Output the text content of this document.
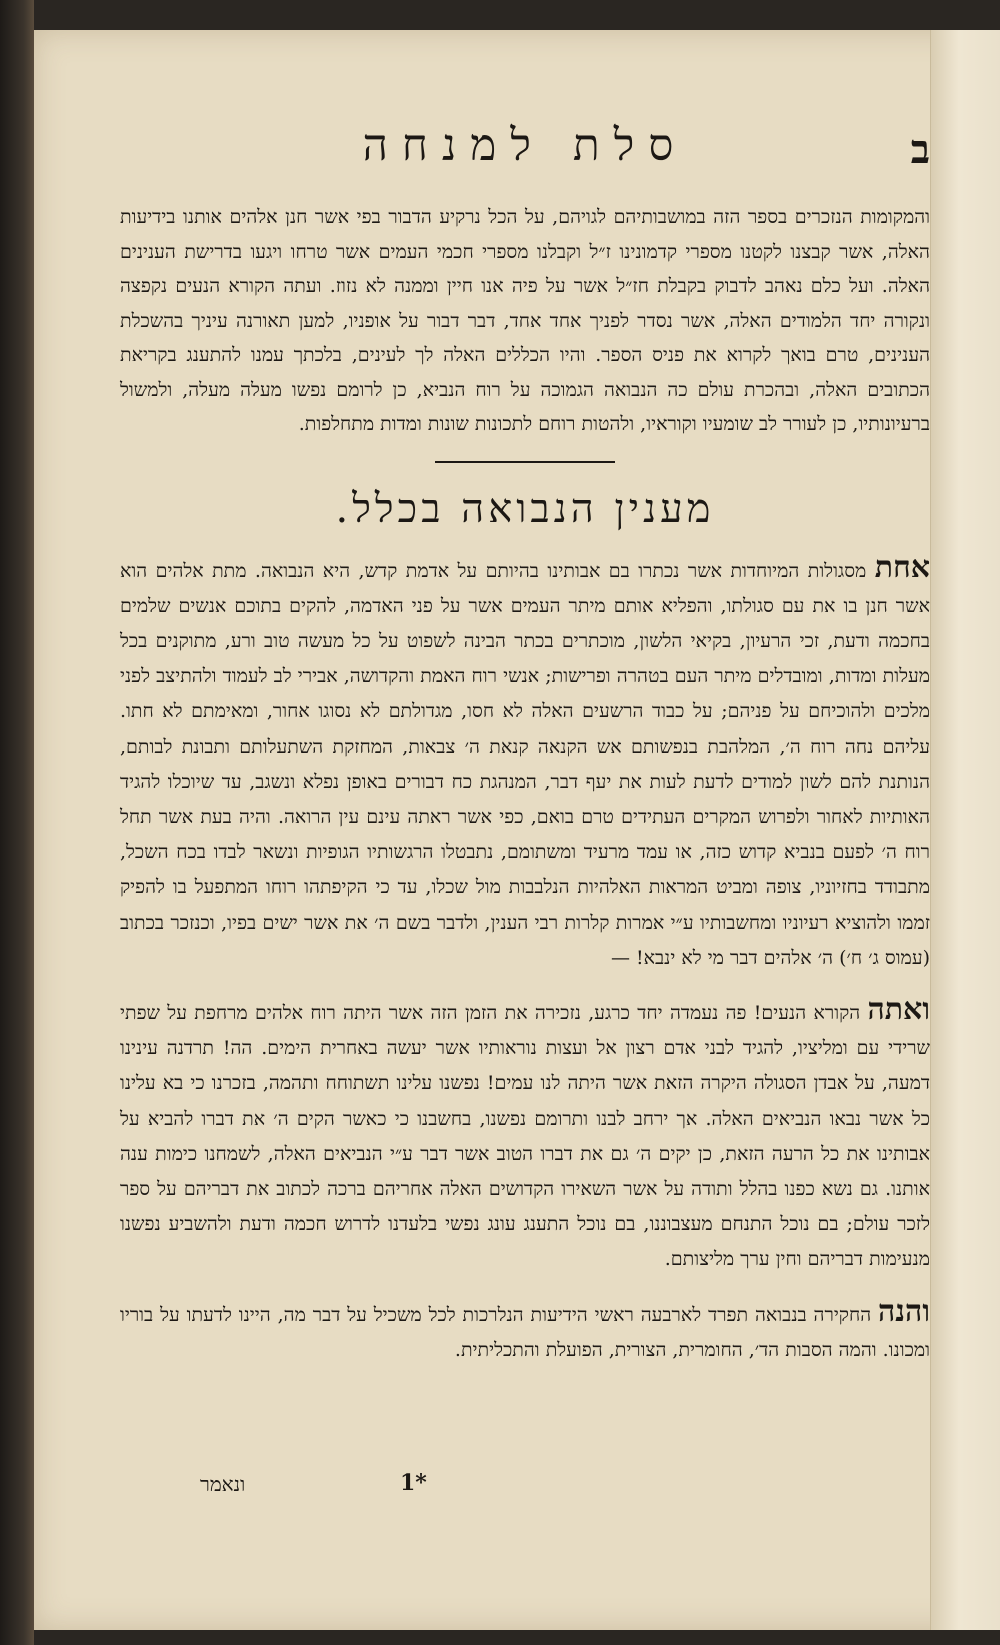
ב
סלת למנחה

והמקומות הנזכרים בספר הזה במושבותיהם לגויהם, על הכל נרקיע הדבור בפי אשר חנן אלהים אותנו בידיעות האלה, אשר קבצנו לקטנו מספרי קדמונינו ז״ל וקבלנו מספרי חכמי העמים אשר טרחו ויגעו בדרישת הענינים האלה. ועל כלם נאהב לדבוק בקבלת חז״ל אשר על פיה אנו חיין וממנה לא נזוז. ועתה הקורא הנעים נקפצה ונקורה יחד הלמודים האלה, אשר נסדר לפניך אחד אחד, דבר דבור על אופניו, למען תאורנה עיניך בהשכלת הענינים, טרם בואך לקרוא את פניס הספר. והיו הכללים האלה לך לעינים, בלכתך עמנו להתענג בקריאת הכתובים האלה, ובהכרת עולם כה הנבואה הגמוכה על רוח הנביא, כן לרומם נפשו מעלה מעלה, ולמשול ברעיונותיו, כן לעורר לב שומעיו וקוראיו, ולהטות רוחם לתכונות שונות ומדות מתחלפות.

מענין הנבואה בכלל.

אחת מסגולות המיוחדות אשר נכתרו בם אבותינו בהיותם על אדמת קדש, היא הנבואה. מתת אלהים הוא אשר חנן בו את עם סגולתו, והפליא אותם מיתר העמים אשר על פני האדמה, להקים בתוכם אנשים שלמים בחכמה ודעת, זכי הרעיון, בקיאי הלשון, מוכתרים בכתר הבינה לשפוט על כל מעשה טוב ורע, מתוקנים בכל מעלות ומדות, ומובדלים מיתר העם בטהרה ופרישות; אנשי רוח האמת והקדושה, אבירי לב לעמוד ולהתיצב לפני מלכים ולהוכיחם על פניהם; על כבוד הרשעים האלה לא חסו, מגדולתם לא נסוגו אחור, ומאימתם לא חתו. עליהם נחה רוח ה׳, המלהבת בנפשותם אש הקנאה קנאת ה׳ צבאות, המחזקת השתעלותם ותבונת לבותם, הנותנת להם לשון למודים לדעת לעות את יעף דבר, המנהגת כח דבורים באופן נפלא ונשגב, עד שיוכלו להגיד האותיות לאחור ולפרוש המקרים העתידים טרם בואם, כפי אשר ראתה עינם עין הרואה. והיה בעת אשר תחל רוח ה׳ לפעם בנביא קדוש כזה, או עמד מרעיד ומשתומם, נתבטלו הרגשותיו הגופיות ונשאר לבדו בכח השכל, מתבודד בחזיוניו, צופה ומביט המראות האלהיות הנלבבות מול שכלו, עד כי הקיפתהו רוחו המתפעל בו להפיק זממו ולהוציא רעיוניו ומחשבותיו ע״י אמרות קלרות רבי הענין, ולדבר בשם ה׳ את אשר ישים בפיו, וכנזכר בכתוב (עמוס ג׳ ח׳) ה׳ אלהים דבר מי לא ינבא! —

ואתה הקורא הנעים! פה נעמדה יחד כרגע, נזכירה את הזמן הזה אשר היתה רוח אלהים מרחפת על שפתי שרידי עם ומליציו, להגיד לבני אדם רצון אל ועצות נוראותיו אשר יעשה באחרית הימים. הה! תרדנה עינינו דמעה, על אבדן הסגולה היקרה הזאת אשר היתה לנו עמים! נפשנו עלינו תשתוחח ותהמה, בזכרנו כי בא עלינו כל אשר נבאו הנביאים האלה. אך ירחב לבנו ותרומם נפשנו, בחשבנו כי כאשר הקים ה׳ את דברו להביא על אבותינו את כל הרעה הזאת, כן יקים ה׳ גם את דברו הטוב אשר דבר ע״י הנביאים האלה, לשמחנו כימות ענה אותנו. גם נשא כפנו בהלל ותודה על אשר השאירו הקדושים האלה אחריהם ברכה לכתוב את דבריהם על ספר לזכר עולם; בם נוכל התנחם מעצבוננו, בם נוכל התענג עונג נפשי בלעדנו לדרוש חכמה ודעת ולהשביע נפשנו מנעימות דבריהם וחין ערך מליצותם.

והנה החקירה בנבואה תפרד לארבעה ראשי הידיעות הנלרכות לכל משכיל על דבר מה, היינו לדעתו על בוריו ומכונו. והמה הסבות הד׳, החומרית, הצורית, הפועלת והתכליתית.

1*
ונאמר
